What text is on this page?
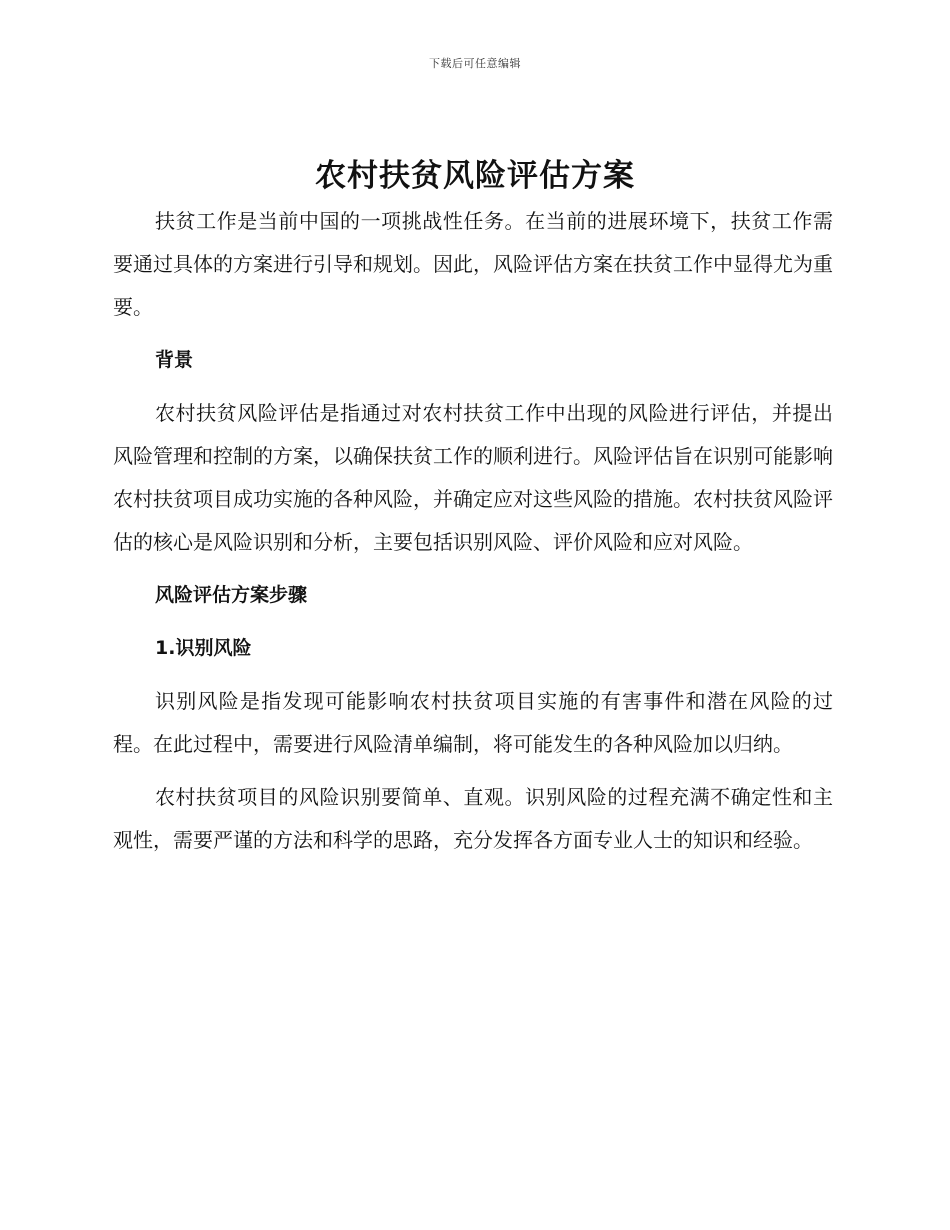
下载后可任意编辑
农村扶贫风险评估方案

扶贫工作是当前中国的一项挑战性任务。在当前的进展环境下，扶贫工作需要通过具体的方案进行引导和规划。因此，风险评估方案在扶贫工作中显得尤为重要。

背景

农村扶贫风险评估是指通过对农村扶贫工作中出现的风险进行评估，并提出风险管理和控制的方案，以确保扶贫工作的顺利进行。风险评估旨在识别可能影响农村扶贫项目成功实施的各种风险，并确定应对这些风险的措施。农村扶贫风险评估的核心是风险识别和分析，主要包括识别风险、评价风险和应对风险。

风险评估方案步骤
1.识别风险

识别风险是指发现可能影响农村扶贫项目实施的有害事件和潜在风险的过程。在此过程中，需要进行风险清单编制，将可能发生的各种风险加以归纳。

农村扶贫项目的风险识别要简单、直观。识别风险的过程充满不确定性和主观性，需要严谨的方法和科学的思路，充分发挥各方面专业人士的知识和经验。
